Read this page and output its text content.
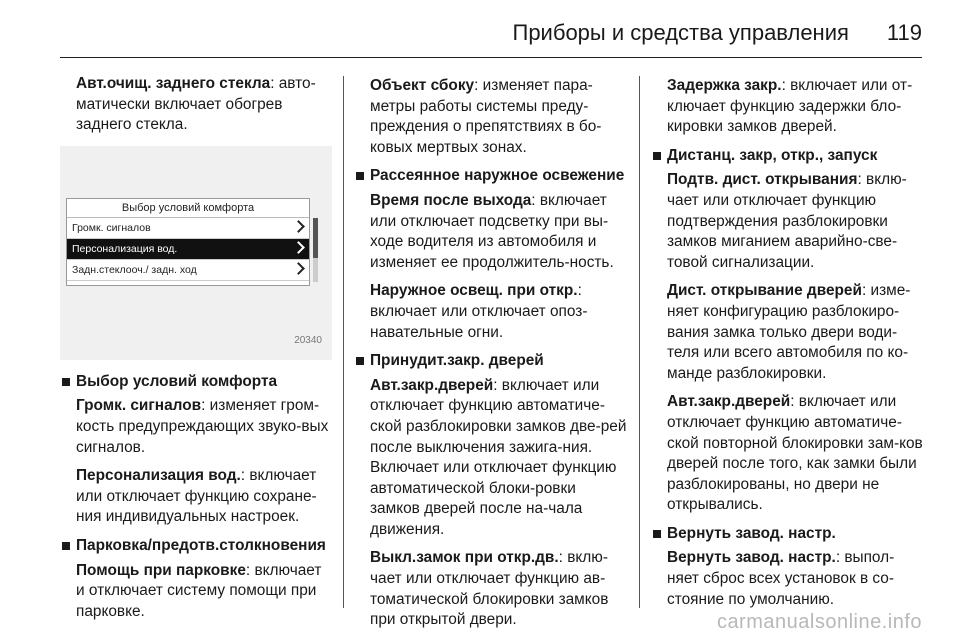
Приборы и средства управления 119

Авт.очищ. заднего стекла: авто-матически включает обогрев заднего стекла.

Выбор условий комфорта
Громк. сигналов
Персонализация вод.
Задн.стеклооч./ задн. ход
20340
Выбор условий комфорта

Громк. сигналов: изменяет гром-кость предупреждающих звуко-вых сигналов.

Персонализация вод.: включает или отключает функцию сохране-ния индивидуальных настроек.

Парковка/предотв.столкновения

Помощь при парковке: включает и отключает систему помощи при парковке.

Объект сбоку: изменяет пара-метры работы системы преду-преждения о препятствиях в бо-ковых мертвых зонах.

Рассеянное наружное освежение

Время после выхода: включает или отключает подсветку при вы-ходе водителя из автомобиля и изменяет ее продолжитель-ность.

Наружное освещ. при откр.: включает или отключает опоз-навательные огни.

Принудит.закр. дверей

Авт.закр.дверей: включает или отключает функцию автоматиче-ской разблокировки замков две-рей после выключения зажига-ния. Включает или отключает функцию автоматической блоки-ровки замков дверей после на-чала движения.

Выкл.замок при откр.дв.: вклю-чает или отключает функцию ав-томатической блокировки замков при открытой двери.

Задержка закр.: включает или от-ключает функцию задержки бло-кировки замков дверей.

Дистанц. закр, откр., запуск

Подтв. дист. открывания: вклю-чает или отключает функцию подтверждения разблокировки замков миганием аварийно-све-товой сигнализации.

Дист. открывание дверей: изме-няет конфигурацию разблокиро-вания замка только двери води-теля или всего автомобиля по ко-манде разблокировки.

Авт.закр.дверей: включает или отключает функцию автоматиче-ской повторной блокировки зам-ков дверей после того, как замки были разблокированы, но двери не открывались.

Вернуть завод. настр.

Вернуть завод. настр.: выпол-няет сброс всех установок в со-стояние по умолчанию.

carmanualsonline.info
